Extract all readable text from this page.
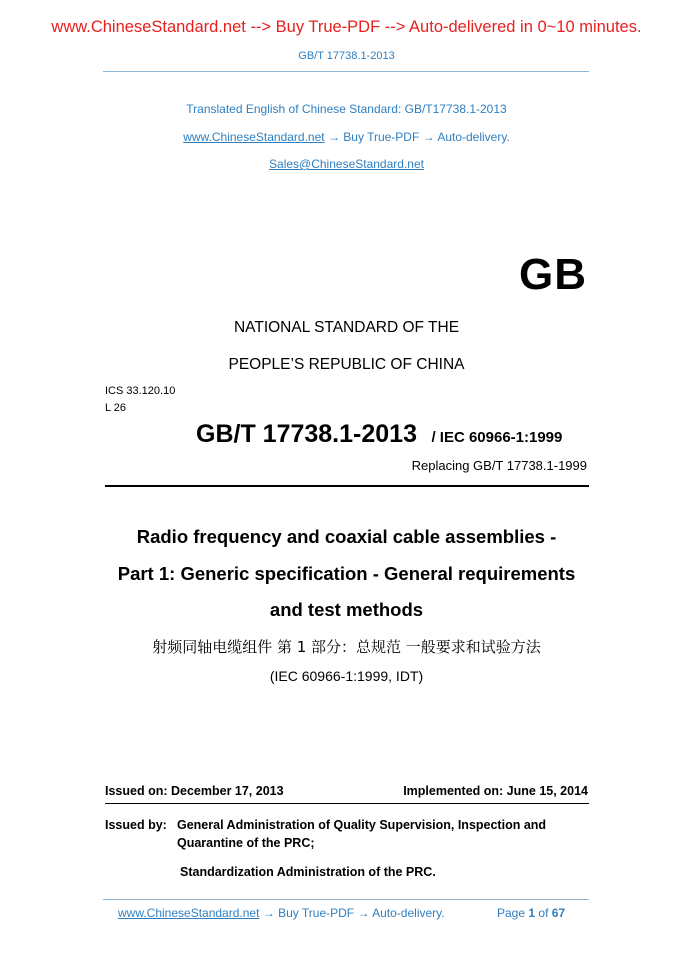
www.ChineseStandard.net --> Buy True-PDF --> Auto-delivered in 0~10 minutes.
GB/T 17738.1-2013
Translated English of Chinese Standard: GB/T17738.1-2013
www.ChineseStandard.net → Buy True-PDF → Auto-delivery.
Sales@ChineseStandard.net
GB
NATIONAL STANDARD OF THE
PEOPLE’S REPUBLIC OF CHINA
ICS 33.120.10
L 26
GB/T 17738.1-2013 / IEC 60966-1:1999
Replacing GB/T 17738.1-1999
Radio frequency and coaxial cable assemblies -
Part 1: Generic specification - General requirements
and test methods
射频同轴电缆组件 第 1 部分：总规范 一般要求和试验方法
(IEC 60966-1:1999, IDT)
Issued on: December 17, 2013	Implemented on: June 15, 2014
Issued by: General Administration of Quality Supervision, Inspection and
Quarantine of the PRC;
Standardization Administration of the PRC.
www.ChineseStandard.net → Buy True-PDF → Auto-delivery.	Page 1 of 67
